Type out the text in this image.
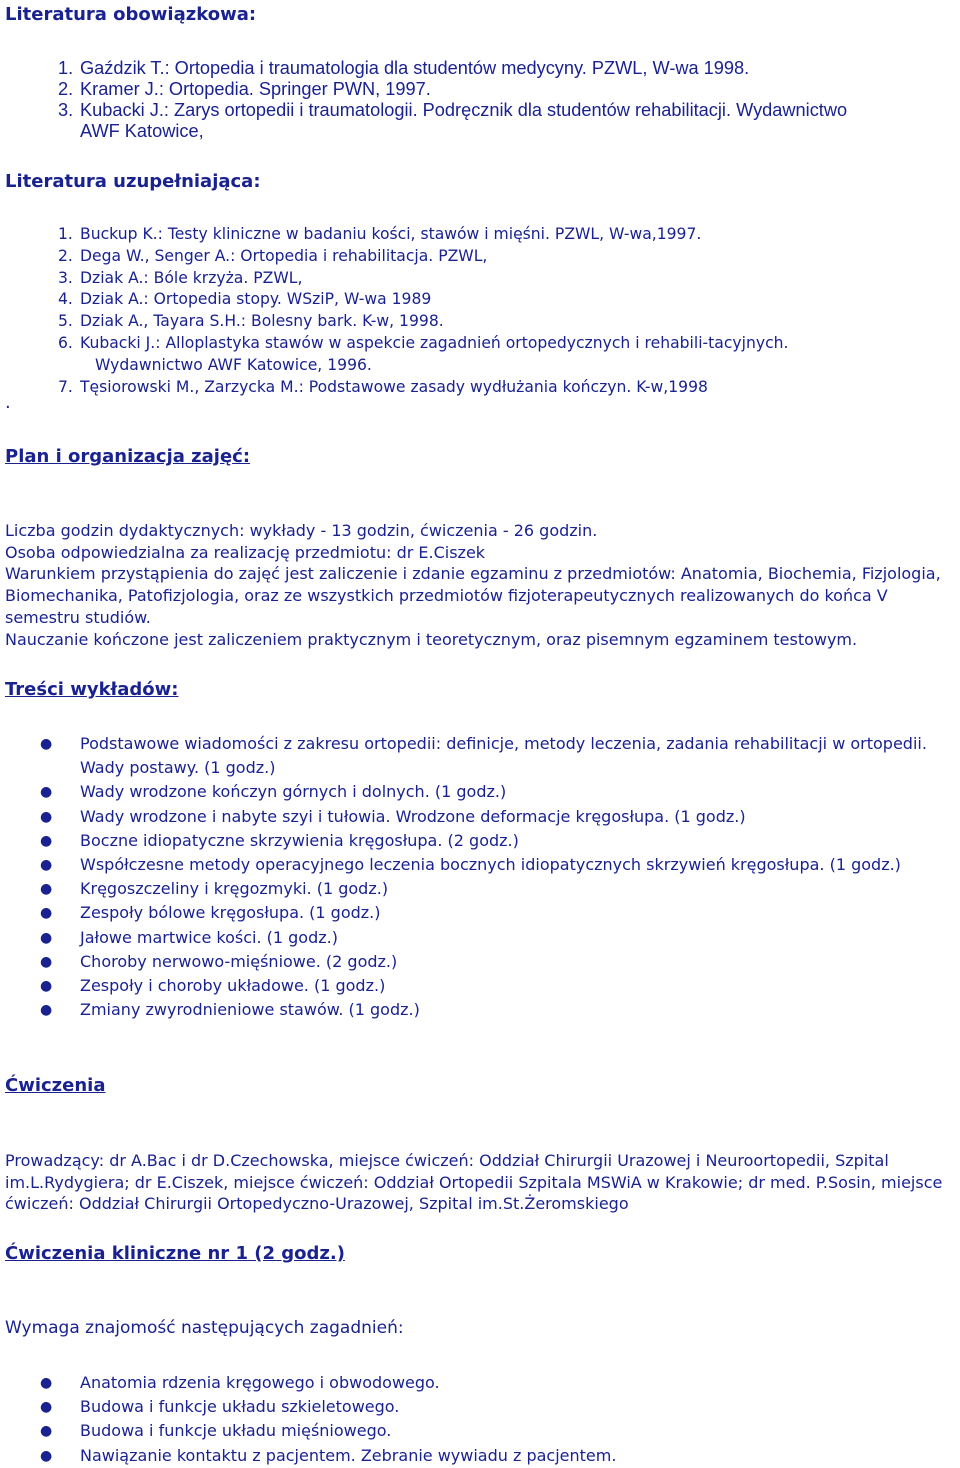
Literatura obowiązkowa:
1. Gaździk T.: Ortopedia i traumatologia dla studentów medycyny. PZWL, W-wa 1998.
2. Kramer J.: Ortopedia. Springer PWN, 1997.
3. Kubacki J.: Zarys ortopedii i traumatologii. Podręcznik dla studentów rehabilitacji. Wydawnictwo
AWF Katowice,
Literatura uzupełniająca:
1. Buckup K.: Testy kliniczne w badaniu kości, stawów i mięśni. PZWL, W-wa,1997.
2. Dega W., Senger A.: Ortopedia i rehabilitacja. PZWL,
3. Dziak A.: Bóle krzyża. PZWL,
4. Dziak A.: Ortopedia stopy. WSziP, W-wa 1989
5. Dziak A., Tayara S.H.: Bolesny bark. K-w, 1998.
6. Kubacki J.: Alloplastyka stawów w aspekcie zagadnień ortopedycznych i rehabili-tacyjnych.
Wydawnictwo AWF Katowice, 1996.
7. Tęsiorowski M., Zarzycka M.: Podstawowe zasady wydłużania kończyn. K-w,1998
.
Plan i organizacja zajęć:
Liczba godzin dydaktycznych: wykłady - 13 godzin, ćwiczenia - 26 godzin.
Osoba odpowiedzialna za realizację przedmiotu: dr E.Ciszek
Warunkiem przystąpienia do zajęć jest zaliczenie i zdanie egzaminu z przedmiotów: Anatomia, Biochemia, Fizjologia, Biomechanika, Patofizjologia, oraz ze wszystkich przedmiotów fizjoterapeutycznych realizowanych do końca V semestru studiów.
Nauczanie kończone jest zaliczeniem praktycznym i teoretycznym, oraz pisemnym egzaminem testowym.
Treści wykładów:
● Podstawowe wiadomości z zakresu ortopedii: definicje, metody leczenia, zadania rehabilitacji w ortopedii. Wady postawy. (1 godz.)
● Wady wrodzone kończyn górnych i dolnych. (1 godz.)
● Wady wrodzone i nabyte szyi i tułowia. Wrodzone deformacje kręgosłupa. (1 godz.)
● Boczne idiopatyczne skrzywienia kręgosłupa. (2 godz.)
● Współczesne metody operacyjnego leczenia bocznych idiopatycznych skrzywień kręgosłupa. (1 godz.)
● Kręgoszczeliny i kręgozmyki. (1 godz.)
● Zespoły bólowe kręgosłupa. (1 godz.)
● Jałowe martwice kości. (1 godz.)
● Choroby nerwowo-mięśniowe. (2 godz.)
● Zespoły i choroby układowe. (1 godz.)
● Zmiany zwyrodnieniowe stawów. (1 godz.)
Ćwiczenia

Prowadzący: dr A.Bac i dr D.Czechowska, miejsce ćwiczeń: Oddział Chirurgii Urazowej i Neuroortopedii, Szpital im.L.Rydygiera; dr E.Ciszek, miejsce ćwiczeń: Oddział Ortopedii Szpitala MSWiA w Krakowie; dr med. P.Sosin, miejsce ćwiczeń: Oddział Chirurgii Ortopedyczno-Urazowej, Szpital im.St.Żeromskiego

Ćwiczenia kliniczne nr 1 (2 godz.)

Wymaga znajomość następujących zagadnień:

● Anatomia rdzenia kręgowego i obwodowego.
● Budowa i funkcje układu szkieletowego.
● Budowa i funkcje układu mięśniowego.
● Nawiązanie kontaktu z pacjentem. Zebranie wywiadu z pacjentem.
